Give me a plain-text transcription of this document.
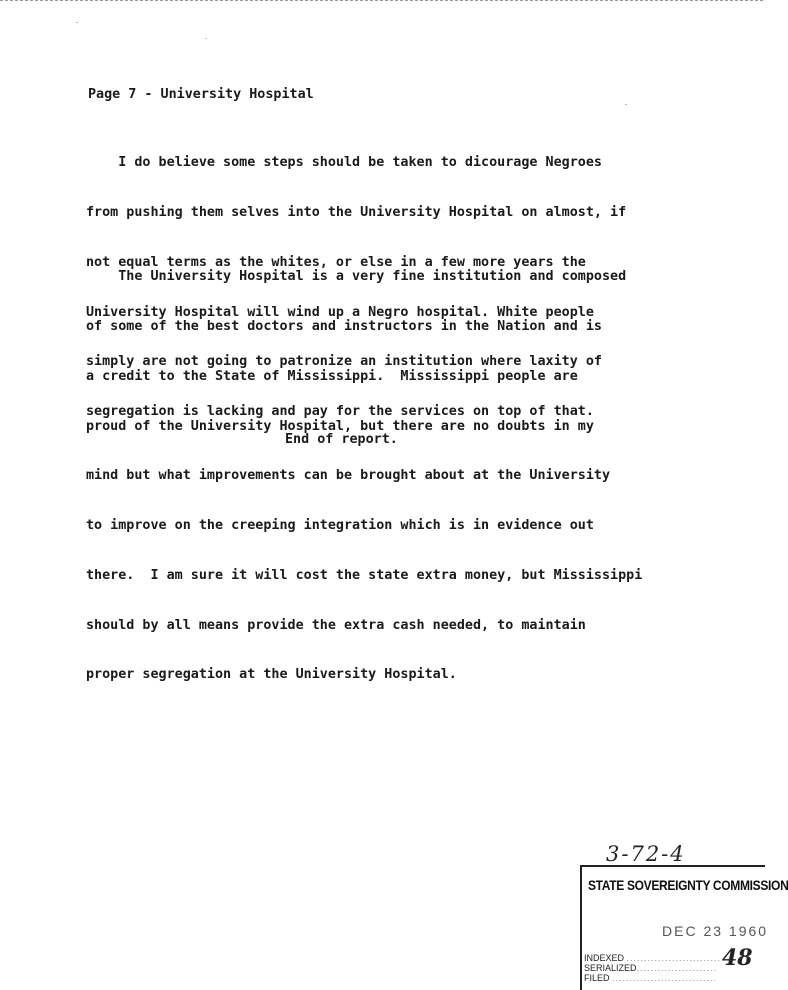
Page 7 - University Hospital

I do believe some steps should be taken to dicourage Negroes

from pushing them selves into the University Hospital on almost, if

not equal terms as the whites, or else in a few more years the

University Hospital will wind up a Negro hospital. White people

simply are not going to patronize an institution where laxity of

segregation is lacking and pay for the services on top of that.

The University Hospital is a very fine institution and composed

of some of the best doctors and instructors in the Nation and is

a credit to the State of Mississippi.  Mississippi people are

proud of the University Hospital, but there are no doubts in my

mind but what improvements can be brought about at the University

to improve on the creeping integration which is in evidence out

there.  I am sure it will cost the state extra money, but Mississippi

should by all means provide the extra cash needed, to maintain

proper segregation at the University Hospital.

End of report.
3-72-4
STATE SOVEREIGNTY COMMISSION
DEC 23 1960
INDEXED ...........................
SERIALIZED.......................
FILED ..............................
48
